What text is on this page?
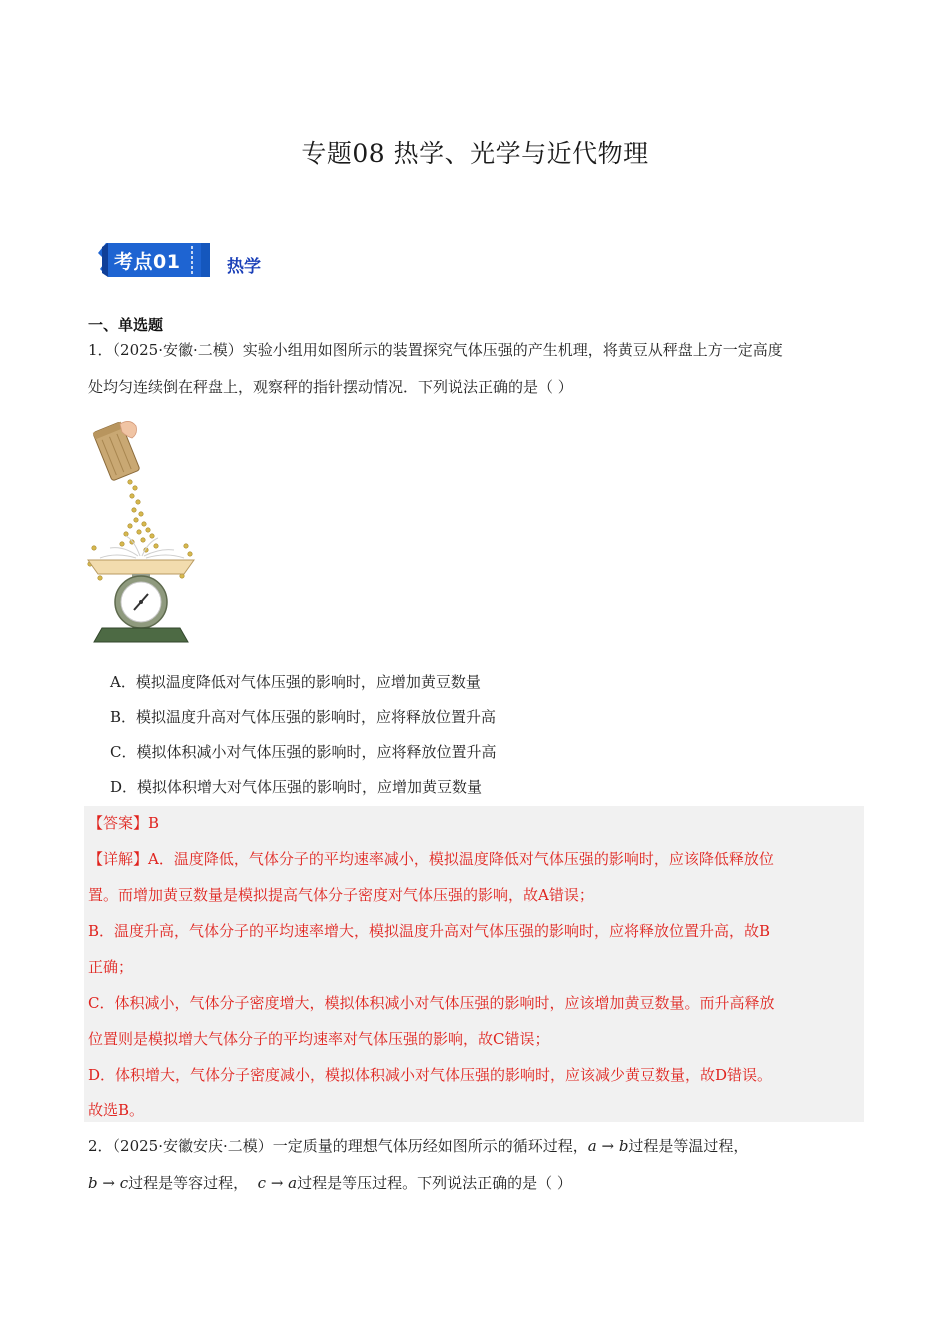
专题08 热学、光学与近代物理
考点01	热学
一、单选题
1．（2025·安徽·二模）实验小组用如图所示的装置探究气体压强的产生机理，将黄豆从秤盘上方一定高度
处均匀连续倒在秤盘上，观察秤的指针摆动情况．下列说法正确的是（ ）
A．模拟温度降低对气体压强的影响时，应增加黄豆数量
B．模拟温度升高对气体压强的影响时，应将释放位置升高
C．模拟体积减小对气体压强的影响时，应将释放位置升高
D．模拟体积增大对气体压强的影响时，应增加黄豆数量
【答案】B
【详解】A．温度降低，气体分子的平均速率减小，模拟温度降低对气体压强的影响时，应该降低释放位
置。而增加黄豆数量是模拟提高气体分子密度对气体压强的影响，故A错误；
B．温度升高，气体分子的平均速率增大，模拟温度升高对气体压强的影响时，应将释放位置升高，故B
正确；
C．体积减小，气体分子密度增大，模拟体积减小对气体压强的影响时，应该增加黄豆数量。而升高释放
位置则是模拟增大气体分子的平均速率对气体压强的影响，故C错误；
D．体积增大，气体分子密度减小，模拟体积减小对气体压强的影响时，应该减少黄豆数量，故D错误。
故选B。
2．（2025·安徽安庆·二模）一定质量的理想气体历经如图所示的循环过程，a → b过程是等温过程，
b → c过程是等容过程， c → a过程是等压过程。下列说法正确的是（ ）
